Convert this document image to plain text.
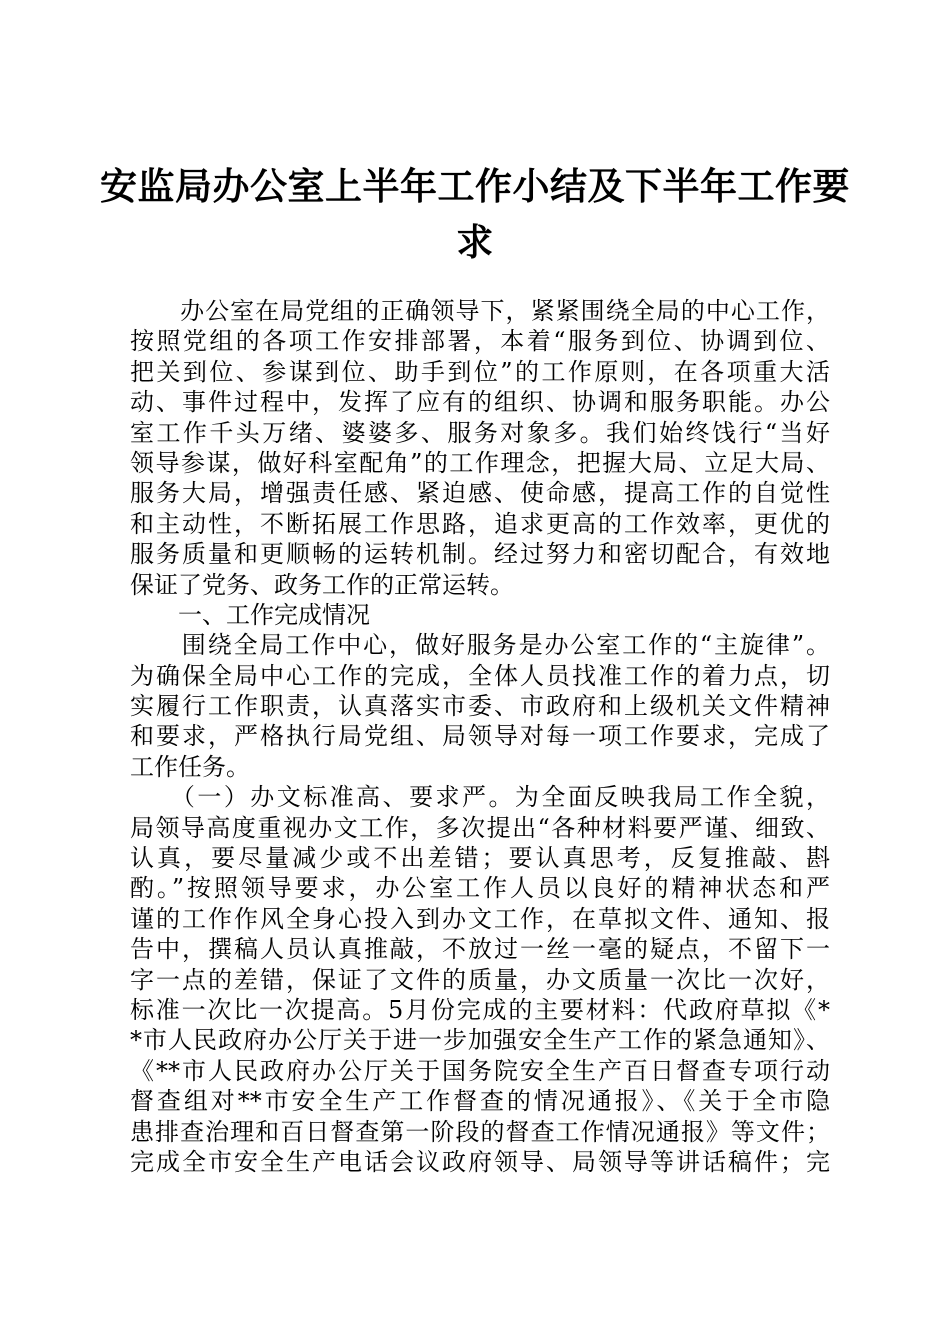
安监局办公室上半年工作小结及下半年工作要
求
　　办公室在局党组的正确领导下，紧紧围绕全局的中心工作，
按照党组的各项工作安排部署，本着“服务到位、协调到位、
把关到位、参谋到位、助手到位”的工作原则，在各项重大活
动、事件过程中，发挥了应有的组织、协调和服务职能。办公
室工作千头万绪、婆婆多、服务对象多。我们始终饯行“当好
领导参谋，做好科室配角”的工作理念，把握大局、立足大局、
服务大局，增强责任感、紧迫感、使命感，提高工作的自觉性
和主动性，不断拓展工作思路，追求更高的工作效率，更优的
服务质量和更顺畅的运转机制。经过努力和密切配合，有效地
保证了党务、政务工作的正常运转。
　　一、工作完成情况
　　围绕全局工作中心，做好服务是办公室工作的“主旋律”。
为确保全局中心工作的完成，全体人员找准工作的着力点，切
实履行工作职责，认真落实市委、市政府和上级机关文件精神
和要求，严格执行局党组、局领导对每一项工作要求，完成了
工作任务。
　　（一）办文标准高、要求严。为全面反映我局工作全貌，
局领导高度重视办文工作，多次提出“各种材料要严谨、细致、
认真，要尽量减少或不出差错；要认真思考，反复推敲、斟
酌。”按照领导要求，办公室工作人员以良好的精神状态和严
谨的工作作风全身心投入到办文工作，在草拟文件、通知、报
告中，撰稿人员认真推敲，不放过一丝一毫的疑点，不留下一
字一点的差错，保证了文件的质量，办文质量一次比一次好，
标准一次比一次提高。5月份完成的主要材料：代政府草拟《*
*市人民政府办公厅关于进一步加强安全生产工作的紧急通知》、
《**市人民政府办公厅关于国务院安全生产百日督查专项行动
督查组对**市安全生产工作督查的情况通报》、《关于全市隐
患排查治理和百日督查第一阶段的督查工作情况通报》等文件；
完成全市安全生产电话会议政府领导、局领导等讲话稿件；完
